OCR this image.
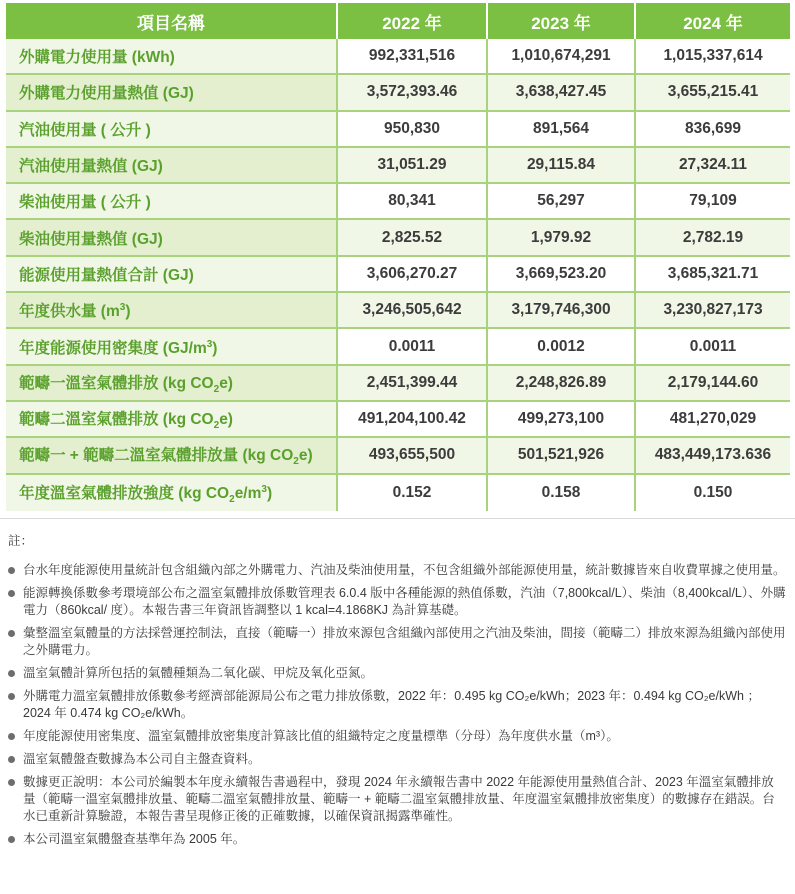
項目名稱	2022 年	2023 年	2024 年
外購電力使用量 (kWh)	992,331,516	1,010,674,291	1,015,337,614
外購電力使用量熱值 (GJ)	3,572,393.46	3,638,427.45	3,655,215.41
汽油使用量 ( 公升 )	950,830	891,564	836,699
汽油使用量熱值 (GJ)	31,051.29	29,115.84	27,324.11
柴油使用量 ( 公升 )	80,341	56,297	79,109
柴油使用量熱值 (GJ)	2,825.52	1,979.92	2,782.19
能源使用量熱值合計 (GJ)	3,606,270.27	3,669,523.20	3,685,321.71
年度供水量 $(m^3)$	3,246,505,642	3,179,746,300	3,230,827,173
年度能源使用密集度 $(GJ/m^3)$	0.0011	0.0012	0.0011
範疇一溫室氣體排放 (kg $CO_2e$)	2,451,399.44	2,248,826.89	2,179,144.60
範疇二溫室氣體排放 (kg $CO_2e$)	491,204,100.42	499,273,100	481,270,029
範疇一 + 範疇二溫室氣體排放量 (kg $CO_2e$)	493,655,500	501,521,926	483,449,173.636
年度溫室氣體排放強度 (kg $CO_2e/m^3$)	0.152	0.158	0.150
註：
台水年度能源使用量統計包含組織內部之外購電力、汽油及柴油使用量，不包含組織外部能源使用量，統計數據皆來自收費單據之使用量。
能源轉換係數參考環境部公布之溫室氣體排放係數管理表 6.0.4 版中各種能源的熱值係數，汽油（7,800kcal/L）、柴油（8,400kcal/L）、外購電力（860kcal/ 度）。本報告書三年資訊皆調整以 1 kcal=4.1868KJ 為計算基礎。
彙整溫室氣體量的方法採營運控制法，直接（範疇一）排放來源包含組織內部使用之汽油及柴油，間接（範疇二）排放來源為組織內部使用之外購電力。
溫室氣體計算所包括的氣體種類為二氧化碳、甲烷及氧化亞氮。
外購電力溫室氣體排放係數參考經濟部能源局公布之電力排放係數，2022 年：0.495 kg CO₂e/kWh；2023 年：0.494 kg CO₂e/kWh ；2024 年 0.474 kg CO₂e/kWh。
年度能源使用密集度、溫室氣體排放密集度計算該比值的組織特定之度量標準（分母）為年度供水量（m³）。
溫室氣體盤查數據為本公司自主盤查資料。
數據更正說明：本公司於編製本年度永續報告書過程中，發現 2024 年永續報告書中 2022 年能源使用量熱值合計、2023 年溫室氣體排放量（範疇一溫室氣體排放量、範疇二溫室氣體排放量、範疇一 + 範疇二溫室氣體排放量、年度溫室氣體排放密集度）的數據存在錯誤。台水已重新計算驗證，本報告書呈現修正後的正確數據，以確保資訊揭露準確性。
本公司溫室氣體盤查基準年為 2005 年。
